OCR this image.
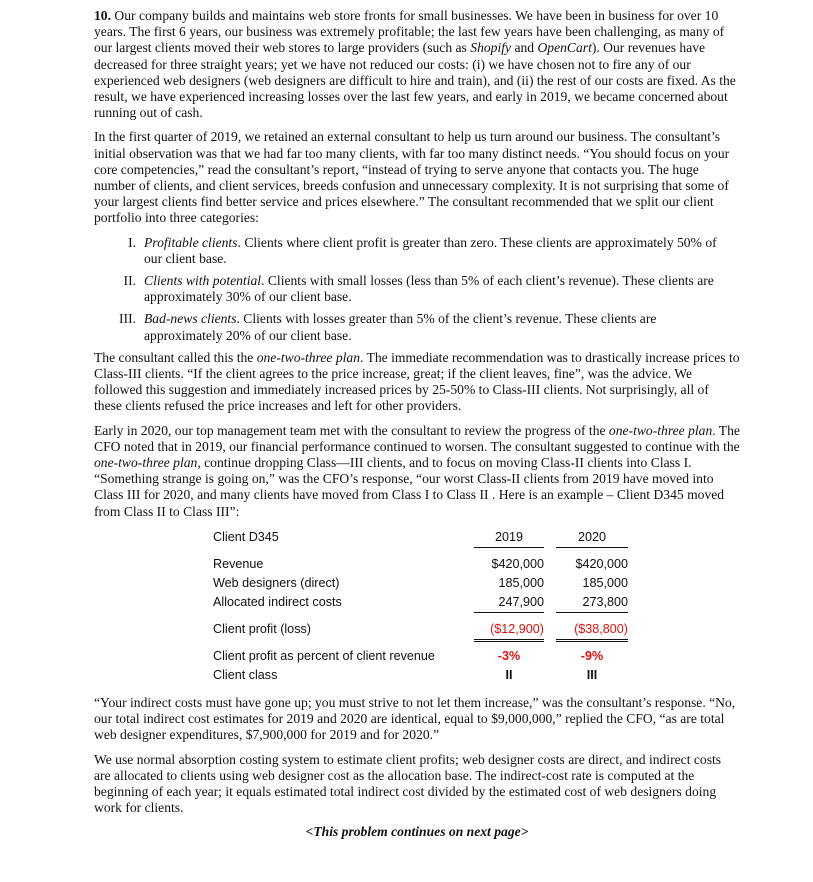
10. Our company builds and maintains web store fronts for small businesses. We have been in business for over 10 years. The first 6 years, our business was extremely profitable; the last few years have been challenging, as many of our largest clients moved their web stores to large providers (such as Shopify and OpenCart). Our revenues have decreased for three straight years; yet we have not reduced our costs: (i) we have chosen not to fire any of our experienced web designers (web designers are difficult to hire and train), and (ii) the rest of our costs are fixed. As the result, we have experienced increasing losses over the last few years, and early in 2019, we became concerned about running out of cash.

In the first quarter of 2019, we retained an external consultant to help us turn around our business. The consultant’s initial observation was that we had far too many clients, with far too many distinct needs. “You should focus on your core competencies,” read the consultant’s report, “instead of trying to serve anyone that contacts you. The huge number of clients, and client services, breeds confusion and unnecessary complexity. It is not surprising that some of your largest clients find better service and prices elsewhere.” The consultant recommended that we split our client portfolio into three categories:

I. Profitable clients. Clients where client profit is greater than zero. These clients are approximately 50% of our client base.
II. Clients with potential. Clients with small losses (less than 5% of each client’s revenue). These clients are approximately 30% of our client base.
III. Bad-news clients. Clients with losses greater than 5% of the client’s revenue. These clients are approximately 20% of our client base.

The consultant called this the one-two-three plan. The immediate recommendation was to drastically increase prices to Class-III clients. “If the client agrees to the price increase, great; if the client leaves, fine”, was the advice. We followed this suggestion and immediately increased prices by 25-50% to Class-III clients. Not surprisingly, all of these clients refused the price increases and left for other providers.

Early in 2020, our top management team met with the consultant to review the progress of the one-two-three plan. The CFO noted that in 2019, our financial performance continued to worsen. The consultant suggested to continue with the one-two-three plan, continue dropping Class—III clients, and to focus on moving Class-II clients into Class I. “Something strange is going on,” was the CFO’s response, “our worst Class-II clients from 2019 have moved into Class III for 2020, and many clients have moved from Class I to Class II . Here is an example – Client D345 moved from Class II to Class III”:

Client D345	2019	2020
Revenue	$420,000	$420,000
Web designers (direct)	185,000	185,000
Allocated indirect costs	247,900	273,800
Client profit (loss)	($12,900)	($38,800)
Client profit as percent of client revenue	-3%	-9%
Client class	II	III

“Your indirect costs must have gone up; you must strive to not let them increase,” was the consultant’s response. “No, our total indirect cost estimates for 2019 and 2020 are identical, equal to $9,000,000,” replied the CFO, “as are total web designer expenditures, $7,900,000 for 2019 and for 2020.”

We use normal absorption costing system to estimate client profits; web designer costs are direct, and indirect costs are allocated to clients using web designer cost as the allocation base. The indirect-cost rate is computed at the beginning of each year; it equals estimated total indirect cost divided by the estimated cost of web designers doing work for clients.

<This problem continues on next page>
